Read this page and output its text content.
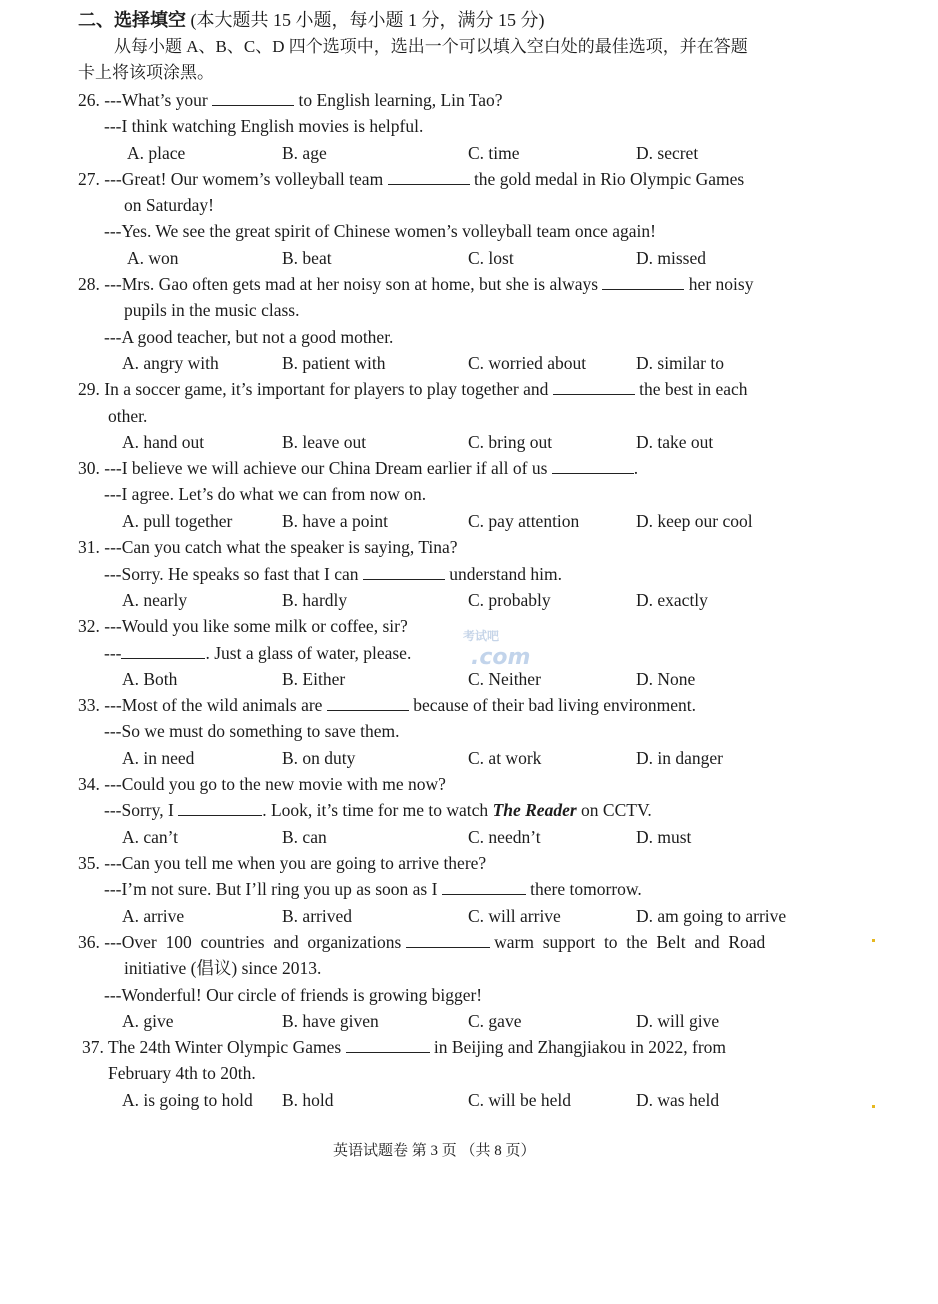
二、选择填空 (本大题共 15 小题，每小题 1 分，满分 15 分)
从每小题 A、B、C、D 四个选项中，选出一个可以填入空白处的最佳选项，并在答题
卡上将该项涂黑。
26. ---What’s your	to English learning, Lin Tao?
---I think watching English movies is helpful.
A. place	B. age	C. time	D. secret
27. ---Great! Our womem’s volleyball team	the gold medal in Rio Olympic Games
on Saturday!
---Yes. We see the great spirit of Chinese women’s volleyball team once again!
A. won	B. beat	C. lost	D. missed
28. ---Mrs. Gao often gets mad at her noisy son at home, but she is always	her noisy
pupils in the music class.
---A good teacher, but not a good mother.
A. angry with	B. patient with	C. worried about	D. similar to
29. In a soccer game, it’s important for players to play together and	the best in each
other.
A. hand out	B. leave out	C. bring out	D. take out
30. ---I believe we will achieve our China Dream earlier if all of us	.
---I agree. Let’s do what we can from now on.
A. pull together	B. have a point	C. pay attention	D. keep our cool
31. ---Can you catch what the speaker is saying, Tina?
---Sorry. He speaks so fast that I can	understand him.
A. nearly	B. hardly	C. probably	D. exactly
32. ---Would you like some milk or coffee, sir?
---	. Just a glass of water, please.
A. Both	B. Either	C. Neither	D. None
.com
考试吧
33. ---Most of the wild animals are	because of their bad living environment.
---So we must do something to save them.
A. in need	B. on duty	C. at work	D. in danger
34. ---Could you go to the new movie with me now?
---Sorry, I	. Look, it’s time for me to watch The Reader on CCTV.
A. can’t	B. can	C. needn’t	D. must
35. ---Can you tell me when you are going to arrive there?
---I’m not sure. But I’ll ring you up as soon as I	there tomorrow.
A. arrive	B. arrived	C. will arrive	D. am going to arrive
36. ---Over  100  countries  and  organizations	warm  support  to  the  Belt  and  Road
initiative (倡议) since 2013.
---Wonderful! Our circle of friends is growing bigger!
A. give	B. have given	C. gave	D. will give
37. The 24th Winter Olympic Games	in Beijing and Zhangjiakou in 2022, from
February 4th to 20th.
A. is going to hold B. hold	C. will be held	D. was held
英语试题卷 第 3 页 （共 8 页）
